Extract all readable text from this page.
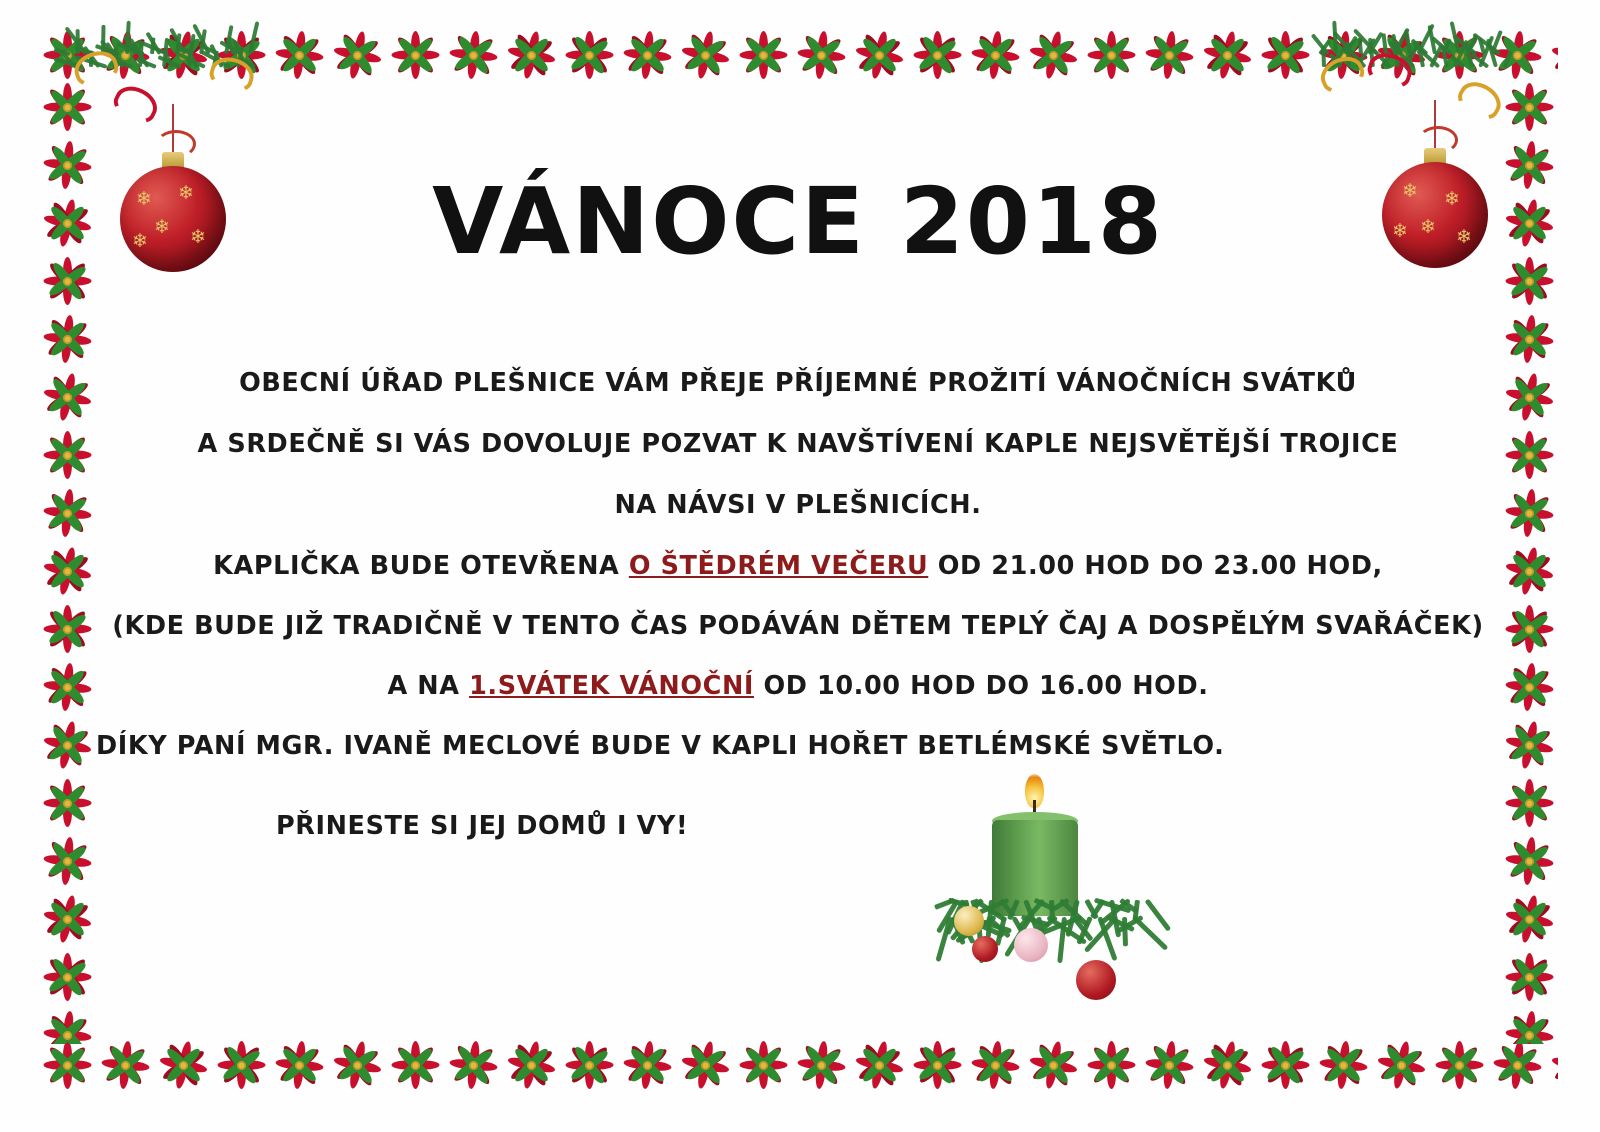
❄ ❄
❄ ❄
❄
❄ ❄
❄ ❄
❄
VÁNOCE 2018

OBECNÍ ÚŘAD PLEŠNICE VÁM PŘEJE PŘÍJEMNÉ PROŽITÍ VÁNOČNÍCH SVÁTKŮ

A SRDEČNĚ SI VÁS DOVOLUJE POZVAT K NAVŠTÍVENÍ KAPLE NEJSVĚTĚJŠÍ TROJICE

NA NÁVSI V PLEŠNICÍCH.

KAPLIČKA BUDE OTEVŘENA O ŠTĚDRÉM VEČERU OD 21.00 HOD DO 23.00 HOD,

(KDE BUDE JIŽ TRADIČNĚ V TENTO ČAS PODÁVÁN DĚTEM TEPLÝ ČAJ A DOSPĚLÝM SVAŘÁČEK)

A NA 1.SVÁTEK VÁNOČNÍ OD 10.00 HOD DO 16.00 HOD.

DÍKY PANÍ MGR. IVANĚ MECLOVÉ BUDE V KAPLI HOŘET BETLÉMSKÉ SVĚTLO.

PŘINESTE SI JEJ DOMŮ I VY!
